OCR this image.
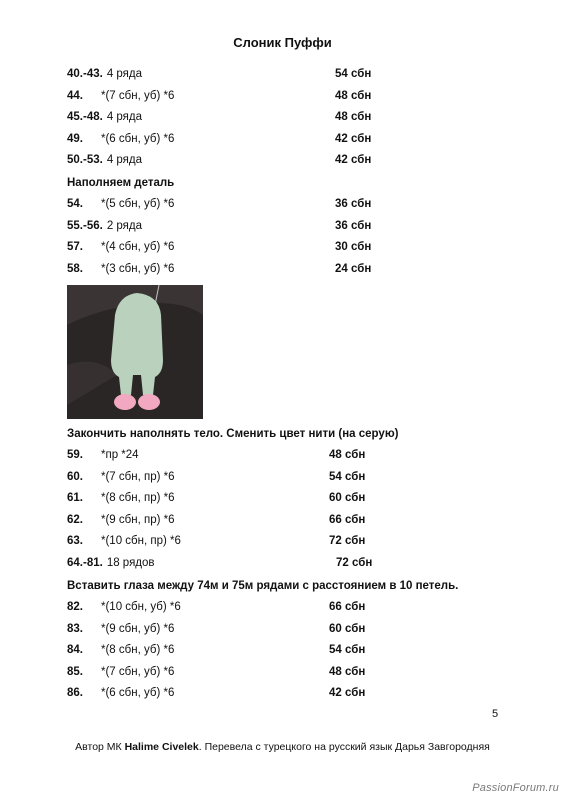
Слоник Пуффи
40.-43. 4 ряда	54 сбн
44. *(7 сбн, уб) *6	48 сбн
45.-48. 4 ряда	48 сбн
49. *(6 сбн, уб) *6	42 сбн
50.-53. 4 ряда	42 сбн
Наполняем деталь
54. *(5 сбн, уб) *6	36 сбн
55.-56. 2 ряда	36 сбн
57. *(4 сбн, уб) *6	30 сбн
58. *(3 сбн, уб) *6	24 сбн
Закончить наполнять тело. Сменить цвет нити (на серую)
59. *пр *24	48 сбн
60. *(7 сбн, пр) *6	54 сбн
61. *(8 сбн, пр) *6	60 сбн
62. *(9 сбн, пр) *6	66 сбн
63. *(10 сбн, пр) *6	72 сбн
64.-81. 18 рядов	72 сбн
Вставить глаза между 74м и 75м рядами с расстоянием в 10 петель.
82. *(10 сбн, уб) *6	66 сбн
83. *(9 сбн, уб) *6	60 сбн
84. *(8 сбн, уб) *6	54 сбн
85. *(7 сбн, уб) *6	48 сбн
86. *(6 сбн, уб) *6	42 сбн
5
Автор МК Halime Civelek. Перевела с турецкого на русский язык Дарья Завгородняя
PassionForum.ru
